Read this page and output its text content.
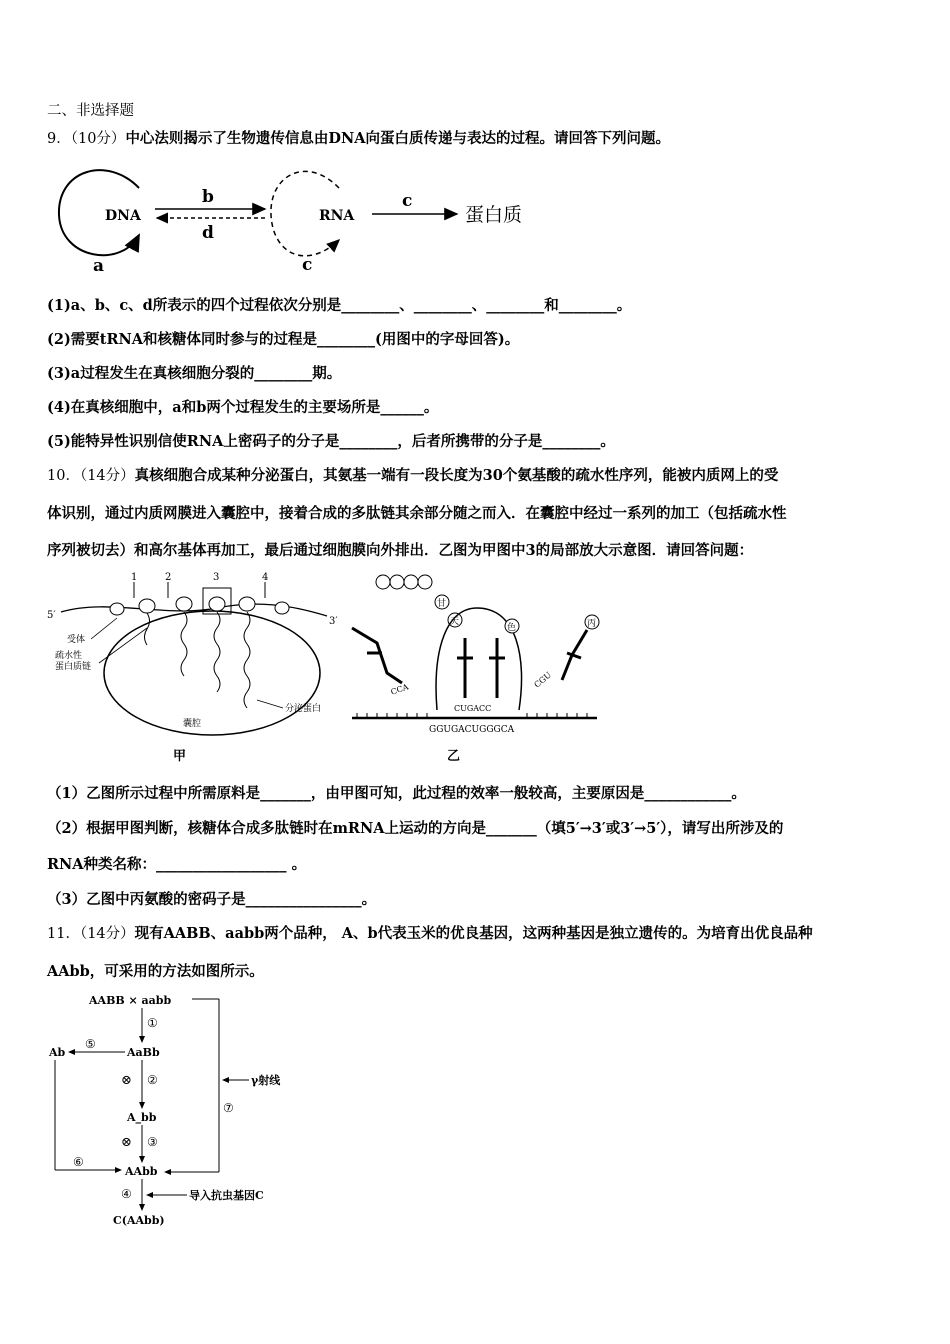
二、非选择题
9．（10分）中心法则揭示了生物遗传信息由DNA向蛋白质传递与表达的过程。请回答下列问题。
DNA
a
b
d
RNA
c
c
蛋白质
(1)a、b、c、d所表示的四个过程依次分别是________、________、________和________。
(2)需要tRNA和核糖体同时参与的过程是________(用图中的字母回答)。
(3)a过程发生在真核细胞分裂的________期。
(4)在真核细胞中，a和b两个过程发生的主要场所是______。
(5)能特异性识别信使RNA上密码子的分子是________，后者所携带的分子是________。
10．（14分）真核细胞合成某种分泌蛋白，其氨基一端有一段长度为30个氨基酸的疏水性序列，能被内质网上的受
体识别，通过内质网膜进入囊腔中，接着合成的多肽链其余部分随之而入．在囊腔中经过一系列的加工（包括疏水性
序列被切去）和高尔基体再加工，最后通过细胞膜向外排出．乙图为甲图中3的局部放大示意图．请回答问题：
5′
3′
1	2	3	4
受体
疏水性
蛋白质链
囊腔
分泌蛋白
甲
甘
天
色
CCA
丙
CGU
CUGACC
GGUGACUGGGCA
乙
（1）乙图所示过程中所需原料是_______，由甲图可知，此过程的效率一般较高，主要原因是____________。
（2）根据甲图判断，核糖体合成多肽链时在mRNA上运动的方向是_______（填5′→3′或3′→5′），请写出所涉及的
RNA种类名称：__________________ 。
（3）乙图中丙氨酸的密码子是________________。
11．（14分）现有AABB、aabb两个品种， A、b代表玉米的优良基因，这两种基因是独立遗传的。为培育出优良品种
AAbb，可采用的方法如图所示。
AABB × aabb
①
AaBb
⑤
Ab
⑥
⊗ ②
A_bb
⊗ ③
AAbb
⑦
γ射线
④	导入抗虫基因C
C(AAbb)
